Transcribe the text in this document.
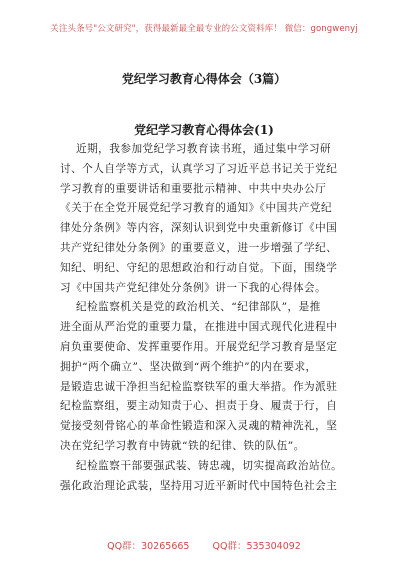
关注头条号"公文研究"，获得最新最全最专业的公文资料库！ 微信：gongwenyj
党纪学习教育心得体会（3篇）
党纪学习教育心得体会(1)
近期，我参加党纪学习教育读书班，通过集中学习研
讨、个人自学等方式，认真学习了习近平总书记关于党纪
学习教育的重要讲话和重要批示精神、中共中央办公厅
《关于在全党开展党纪学习教育的通知》《中国共产党纪
律处分条例》等内容，深刻认识到党中央重新修订《中国
共产党纪律处分条例》的重要意义，进一步增强了学纪、
知纪、明纪、守纪的思想政治和行动自觉。下面，围绕学
习《中国共产党纪律处分条例》讲一下我的心得体会。
纪检监察机关是党的政治机关、“纪律部队”，是推
进全面从严治党的重要力量，在推进中国式现代化进程中
肩负重要使命、发挥重要作用。开展党纪学习教育是坚定
拥护“两个确立”、坚决做到“两个维护”的内在要求，
是锻造忠诚干净担当纪检监察铁军的重大举措。作为派驻
纪检监察组，要主动知责于心、担责于身、履责于行，自
觉接受刻骨铭心的革命性锻造和深入灵魂的精神洗礼，坚
决在党纪学习教育中铸就“铁的纪律、铁的队伍”。
纪检监察干部要强武装、铸忠魂，切实提高政治站位。
强化政治理论武装，坚持用习近平新时代中国特色社会主
QQ群：30265665 QQ群：535304092
